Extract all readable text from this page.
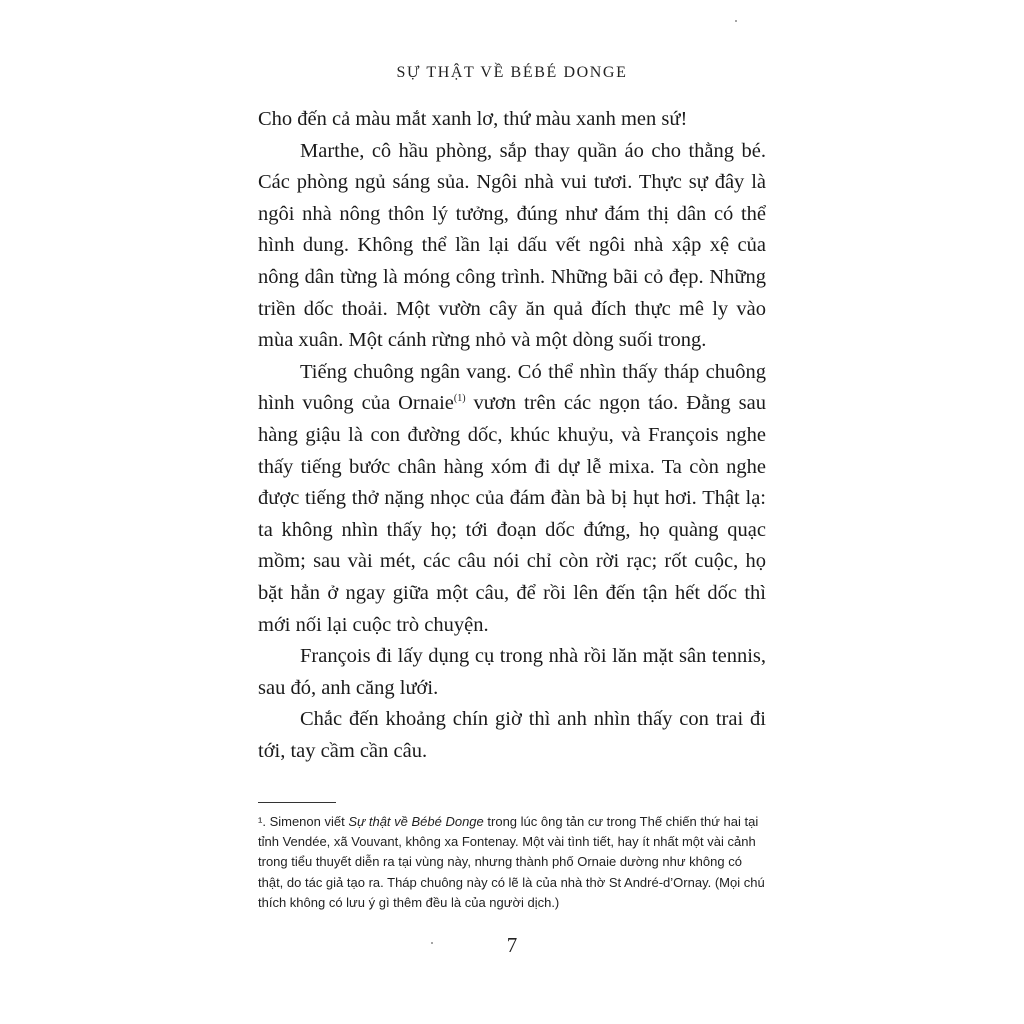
SỰ THẬT VỀ BÉBÉ DONGE

Cho đến cả màu mắt xanh lơ, thứ màu xanh men sứ!

Marthe, cô hầu phòng, sắp thay quần áo cho thằng bé. Các phòng ngủ sáng sủa. Ngôi nhà vui tươi. Thực sự đây là ngôi nhà nông thôn lý tưởng, đúng như đám thị dân có thể hình dung. Không thể lần lại dấu vết ngôi nhà xập xệ của nông dân từng là móng công trình. Những bãi cỏ đẹp. Những triền dốc thoải. Một vườn cây ăn quả đích thực mê ly vào mùa xuân. Một cánh rừng nhỏ và một dòng suối trong.

Tiếng chuông ngân vang. Có thể nhìn thấy tháp chuông hình vuông của Ornaie$^{(1)}$ vươn trên các ngọn táo. Đằng sau hàng giậu là con đường dốc, khúc khuỷu, và François nghe thấy tiếng bước chân hàng xóm đi dự lễ mixa. Ta còn nghe được tiếng thở nặng nhọc của đám đàn bà bị hụt hơi. Thật lạ: ta không nhìn thấy họ; tới đoạn dốc đứng, họ quàng quạc mồm; sau vài mét, các câu nói chỉ còn rời rạc; rốt cuộc, họ bặt hẳn ở ngay giữa một câu, để rồi lên đến tận hết dốc thì mới nối lại cuộc trò chuyện.

François đi lấy dụng cụ trong nhà rồi lăn mặt sân tennis, sau đó, anh căng lưới.

Chắc đến khoảng chín giờ thì anh nhìn thấy con trai đi tới, tay cầm cần câu.

¹. Simenon viết Sự thật về Bébé Donge trong lúc ông tản cư trong Thế chiến thứ hai tại tỉnh Vendée, xã Vouvant, không xa Fontenay. Một vài tình tiết, hay ít nhất một vài cảnh trong tiểu thuyết diễn ra tại vùng này, nhưng thành phố Ornaie dường như không có thật, do tác giả tạo ra. Tháp chuông này có lẽ là của nhà thờ St André-d’Ornay. (Mọi chú thích không có lưu ý gì thêm đều là của người dịch.)
7
